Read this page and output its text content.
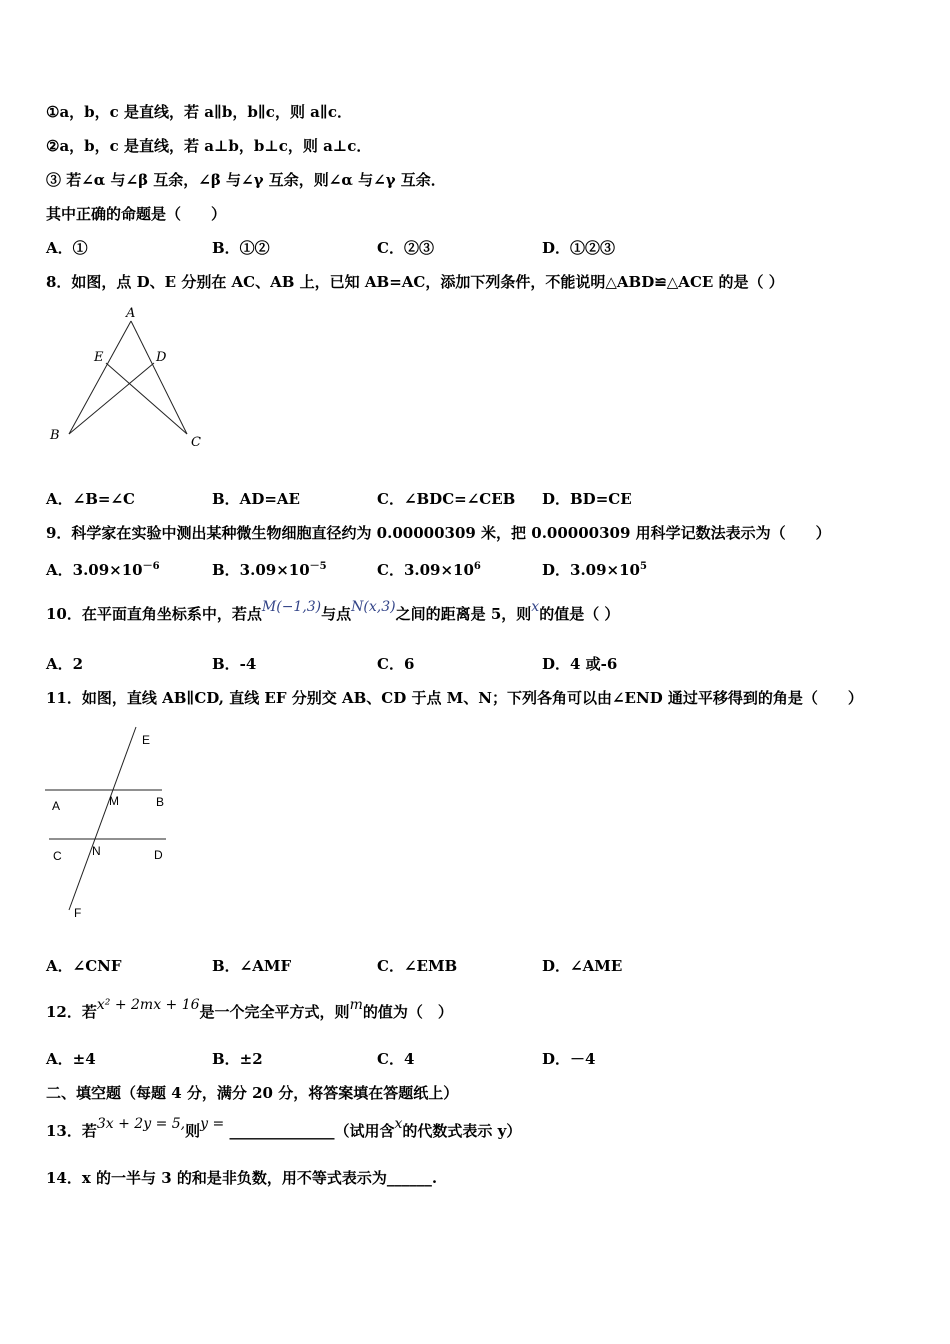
①a，b，c 是直线，若 a∥b，b∥c，则 a∥c．
②a，b，c 是直线，若 a⊥b，b⊥c，则 a⊥c．
③ 若∠α 与∠β 互余，∠β 与∠γ 互余，则∠α 与∠γ 互余．
其中正确的命题是（　　）
A．①	B．①②	C．②③	D．①②③
8．如图，点 D、E 分别在 AC、AB 上，已知 AB=AC，添加下列条件，不能说明△ABD≌△ACE 的是（ ）
A
E	D
B	C
A．∠B=∠C	B．AD=AE	C．∠BDC=∠CEB D．BD=CE
9．科学家在实验中测出某种微生物细胞直径约为 0.00000309 米，把 0.00000309 用科学记数法表示为（　　）
A．$3.09\times 10^{-6}$	B．$3.09\times 10^{-5}$	C．$3.09\times 10^6$	D．$3.09\times 10^5$
10．在平面直角坐标系中，若点M(−1,3)与点N(x,3)之间的距离是 5，则x的值是（ ）
A．2	B．-4	C．6	D．4 或-6
11．如图，直线 AB∥CD, 直线 EF 分别交 AB、CD 于点 M、N；下列各角可以由∠END 通过平移得到的角是（　　）
E
A	M	B
C	N	D
F
A．∠CNF	B．∠AMF	C．∠EMB	D．∠AME
12．若x² + 2mx + 16是一个完全平方式，则m的值为（　）
A．±4	B．±2	C．4	D．－4
二、填空题（每题 4 分，满分 20 分，将答案填在答题纸上）
13．若3x + 2y = 5,则y = ______________（试用含x的代数式表示 y）
14．x 的一半与 3 的和是非负数，用不等式表示为______.
